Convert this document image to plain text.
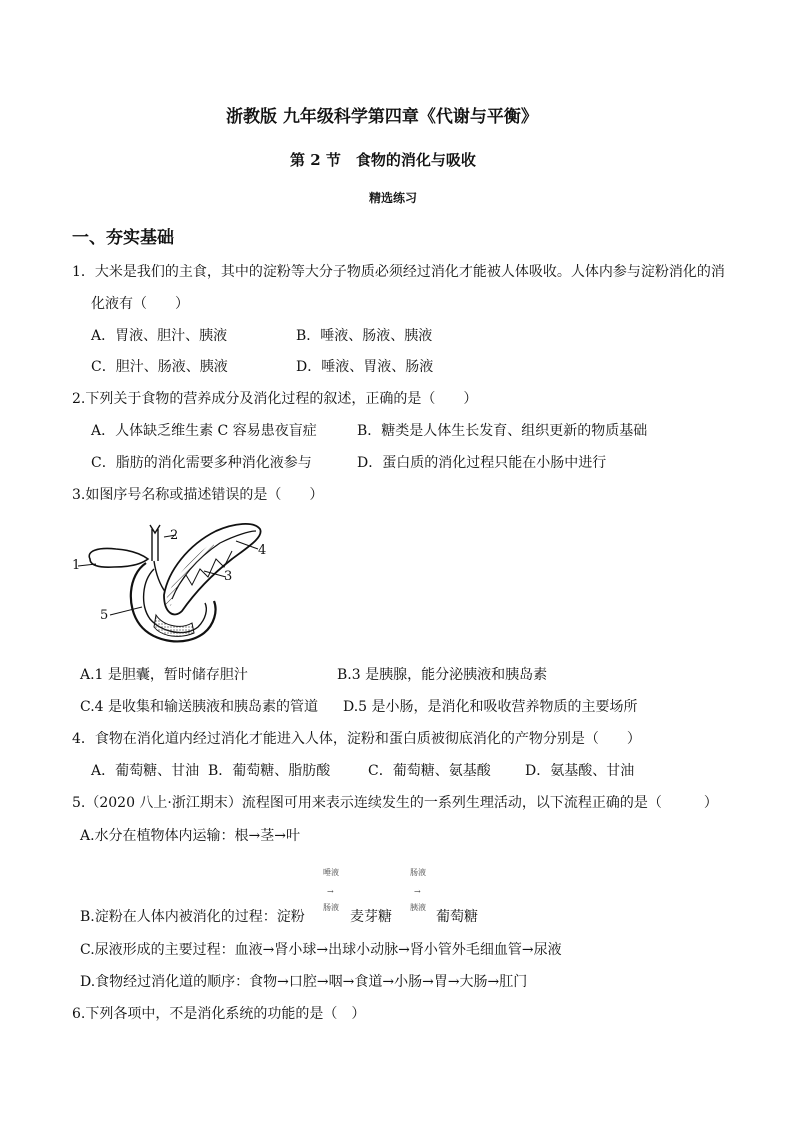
浙教版 九年级科学第四章《代谢与平衡》
第 2 节　食物的消化与吸收
精选练习
一、夯实基础
1．大米是我们的主食，其中的淀粉等大分子物质必须经过消化才能被人体吸收。人体内参与淀粉消化的消
化液有（　　）
A．胃液、胆汁、胰液	B．唾液、肠液、胰液
C．胆汁、肠液、胰液	D．唾液、胃液、肠液
2.下列关于食物的营养成分及消化过程的叙述，正确的是（　　）
A．人体缺乏维生素 C 容易患夜盲症	B．糖类是人体生长发育、组织更新的物质基础
C．脂肪的消化需要多种消化液参与	D．蛋白质的消化过程只能在小肠中进行
3.如图序号名称或描述错误的是（　　）
1
2
3
4
5
A.1 是胆囊，暂时储存胆汁	B.3 是胰腺，能分泌胰液和胰岛素
C.4 是收集和输送胰液和胰岛素的管道 D.5 是小肠，是消化和吸收营养物质的主要场所
4．食物在消化道内经过消化才能进入人体，淀粉和蛋白质被彻底消化的产物分别是（　　）
A．葡萄糖、甘油 B．葡萄糖、脂肪酸	C．葡萄糖、氨基酸 D．氨基酸、甘油
5.（2020 八上·浙江期末）流程图可用来表示连续发生的一系列生理活动，以下流程正确的是（　　　）
A.水分在植物体内运输：根→茎→叶
唾液
→
肠液
肠液
→
胰液
B.淀粉在人体内被消化的过程：淀粉	麦芽糖	葡萄糖
C.尿液形成的主要过程：血液→肾小球→出球小动脉→肾小管外毛细血管→尿液
D.食物经过消化道的顺序：食物→口腔→咽→食道→小肠→胃→大肠→肛门
6.下列各项中，不是消化系统的功能的是（　）
